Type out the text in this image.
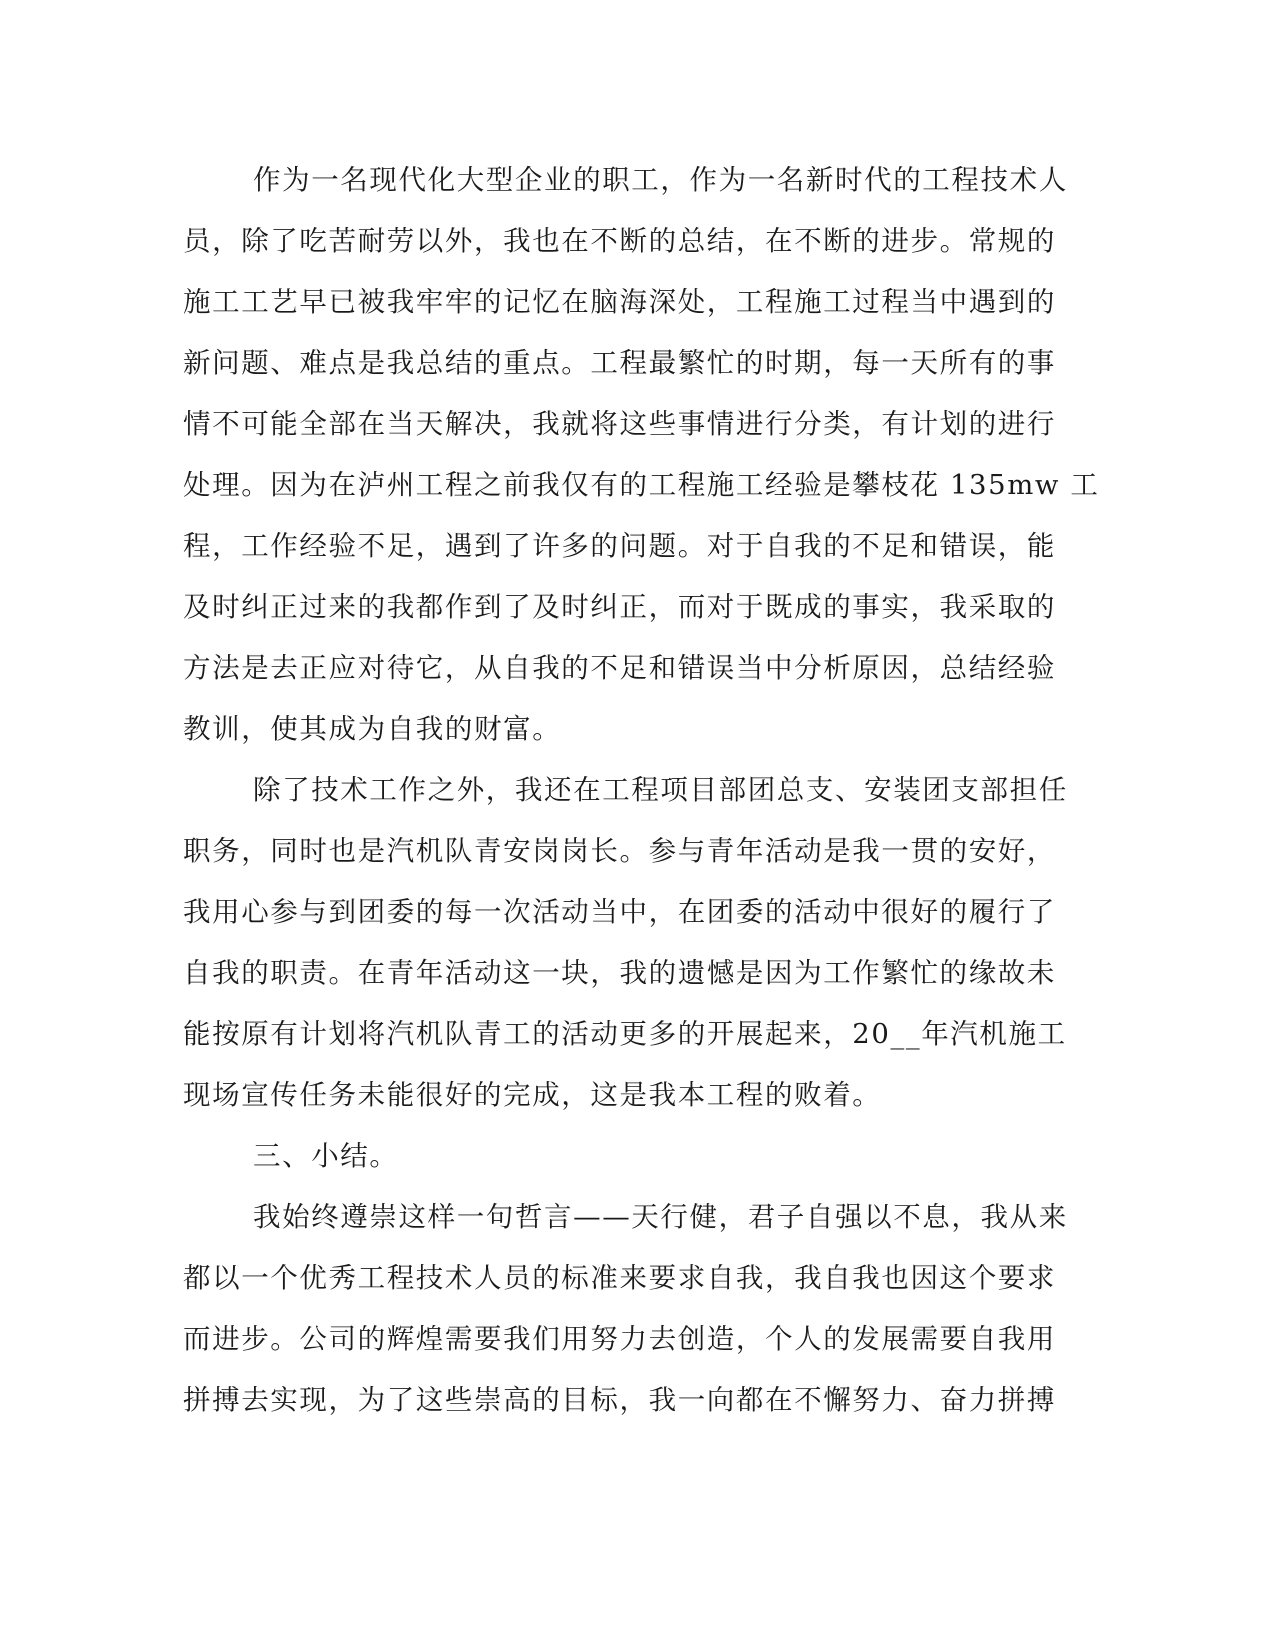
作为一名现代化大型企业的职工，作为一名新时代的工程技术人
员，除了吃苦耐劳以外，我也在不断的总结，在不断的进步。常规的
施工工艺早已被我牢牢的记忆在脑海深处，工程施工过程当中遇到的
新问题、难点是我总结的重点。工程最繁忙的时期，每一天所有的事
情不可能全部在当天解决，我就将这些事情进行分类，有计划的进行
处理。因为在泸州工程之前我仅有的工程施工经验是攀枝花 135mw 工
程，工作经验不足，遇到了许多的问题。对于自我的不足和错误，能
及时纠正过来的我都作到了及时纠正，而对于既成的事实，我采取的
方法是去正应对待它，从自我的不足和错误当中分析原因，总结经验
教训，使其成为自我的财富。
除了技术工作之外，我还在工程项目部团总支、安装团支部担任
职务，同时也是汽机队青安岗岗长。参与青年活动是我一贯的安好，
我用心参与到团委的每一次活动当中，在团委的活动中很好的履行了
自我的职责。在青年活动这一块，我的遗憾是因为工作繁忙的缘故未
能按原有计划将汽机队青工的活动更多的开展起来，20__年汽机施工
现场宣传任务未能很好的完成，这是我本工程的败着。
三、小结。
我始终遵崇这样一句哲言——天行健，君子自强以不息，我从来
都以一个优秀工程技术人员的标准来要求自我，我自我也因这个要求
而进步。公司的辉煌需要我们用努力去创造，个人的发展需要自我用
拼搏去实现，为了这些崇高的目标，我一向都在不懈努力、奋力拼搏
